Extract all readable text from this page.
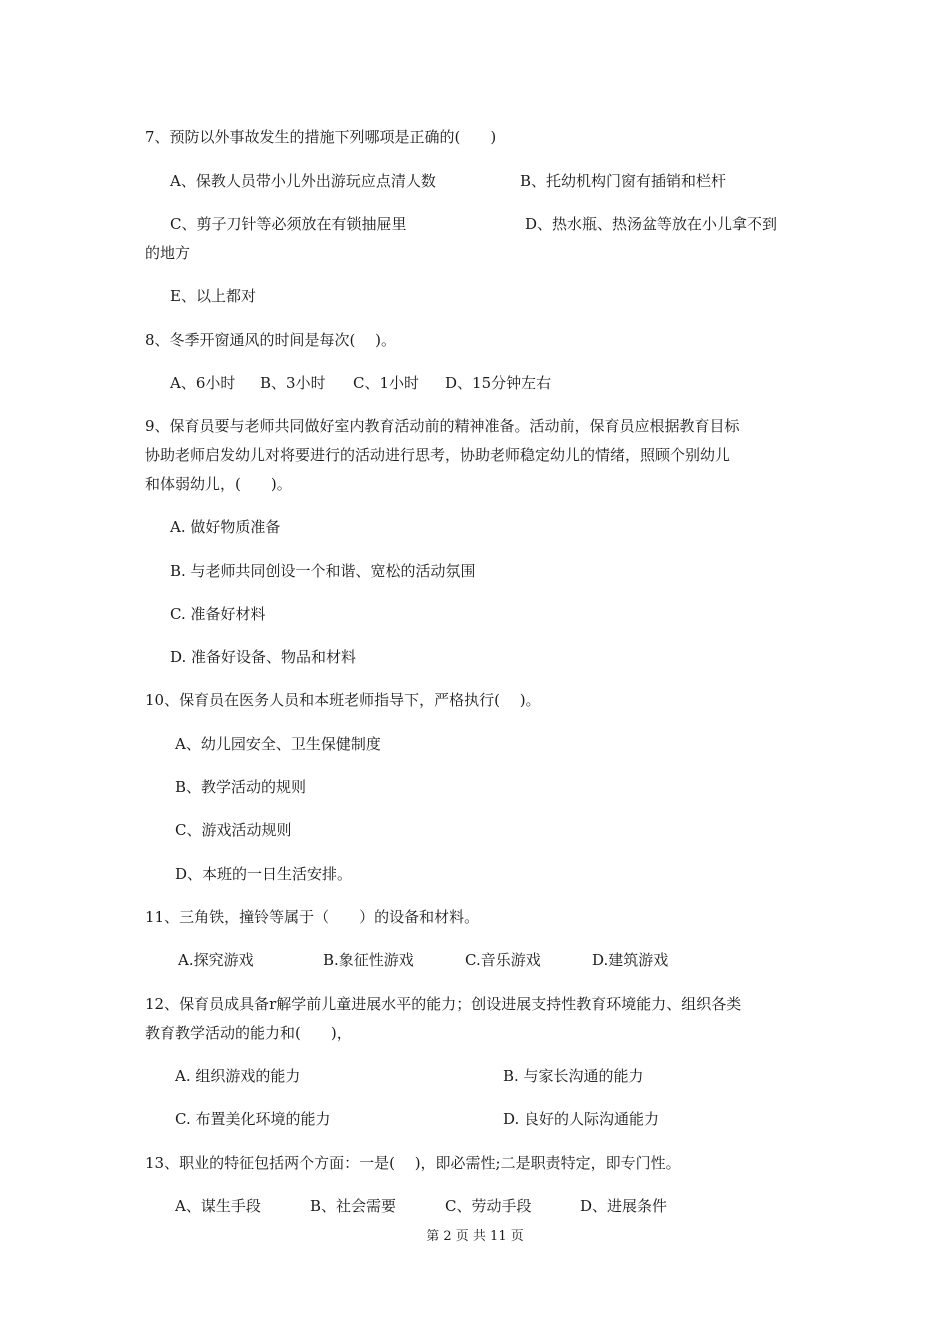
7、预防以外事故发生的措施下列哪项是正确的(　　)
A、保教人员带小儿外出游玩应点清人数	B、托幼机构门窗有插销和栏杆
C、剪子刀针等必须放在有锁抽屉里	D、热水瓶、热汤盆等放在小儿拿不到
的地方
E、以上都对
8、冬季开窗通风的时间是每次(　 )。
A、6小时 B、3小时 C、1小时 D、15分钟左右
9、保育员要与老师共同做好室内教育活动前的精神准备。活动前，保育员应根据教育目标
协助老师启发幼儿对将要进行的活动进行思考，协助老师稳定幼儿的情绪，照顾个别幼儿
和体弱幼儿，(　　)。
A. 做好物质准备
B. 与老师共同创设一个和谐、宽松的活动氛围
C. 准备好材料
D. 准备好设备、物品和材料
10、保育员在医务人员和本班老师指导下，严格执行(　 )。
A、幼儿园安全、卫生保健制度
B、教学活动的规则
C、游戏活动规则
D、本班的一日生活安排。
11、三角铁，撞铃等属于（　　）的设备和材料。
A.探究游戏	B.象征性游戏	C.音乐游戏	D.建筑游戏
12、保育员成具备r解学前儿童进展水平的能力；创设进展支持性教育环境能力、组织各类
教育教学活动的能力和(　　)，
A. 组织游戏的能力	B. 与家长沟通的能力
C. 布置美化环境的能力	D. 良好的人际沟通能力
13、职业的特征包括两个方面：一是(　 )，即必需性;二是职责特定，即专门性。
A、谋生手段	B、社会需要	C、劳动手段	D、进展条件
第 2 页 共 11 页
